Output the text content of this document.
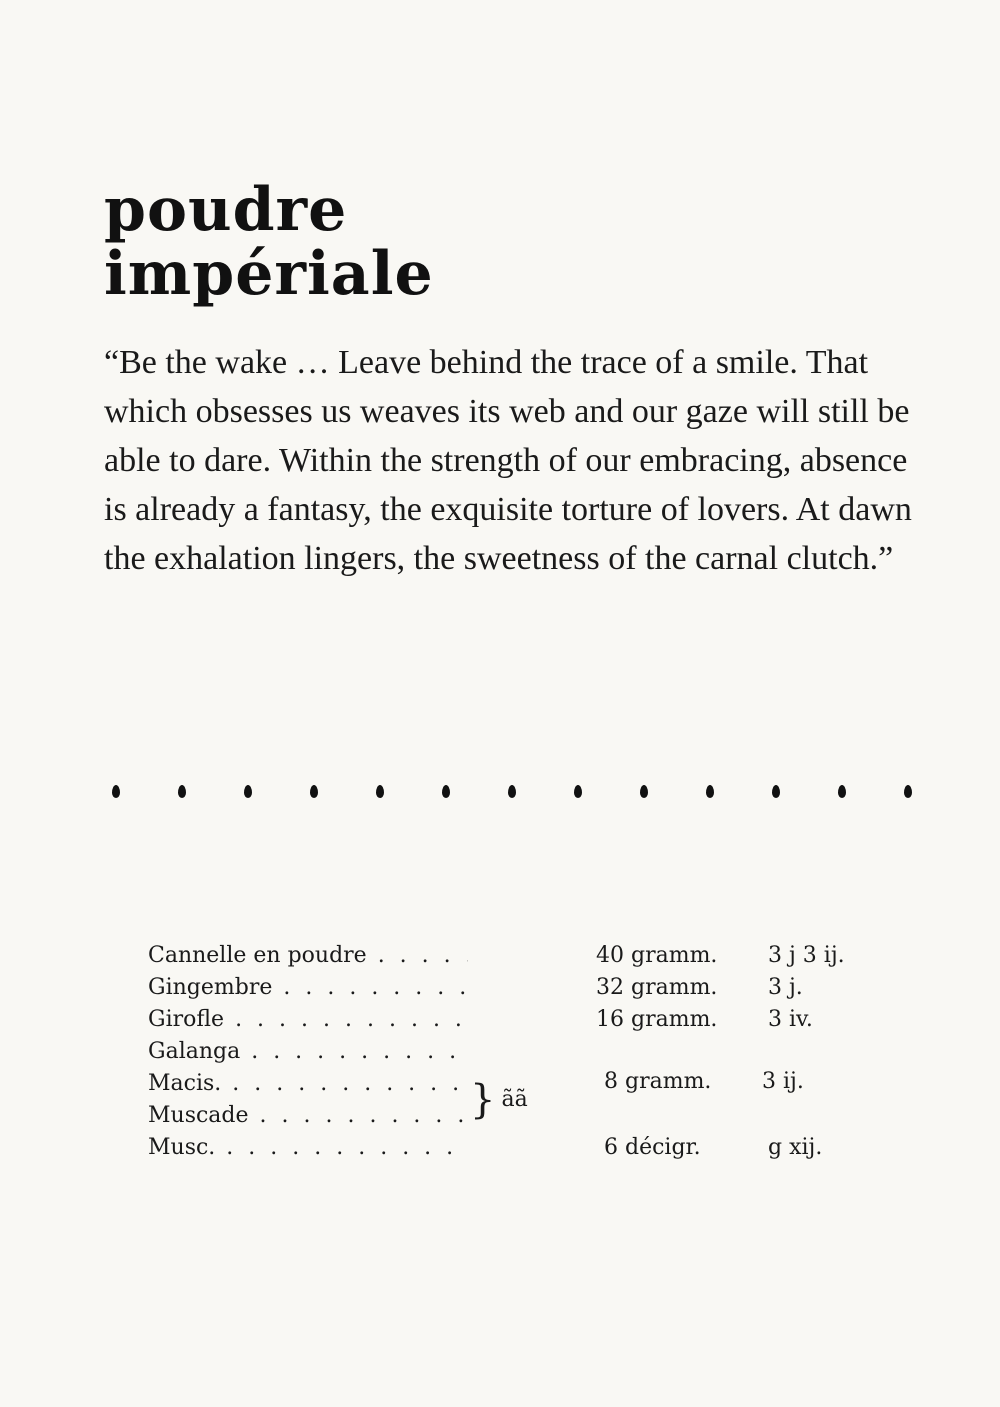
poudre
impériale

“Be the wake … Leave behind the trace of a smile. That which obsesses us weaves its web and our gaze will still be able to dare. Within the strength of our embracing, absence is already a fantasy, the exquisite torture of lovers. At dawn the exhalation lingers, the sweetness of the carnal clutch.”

Cannelle en poudre . . .	40 gramm. 3 j 3 ij.
Gingembre . . .	32 gramm. 3 j.
Girofle . . .	16 gramm. 3 iv.
Galanga . . .
Macis. . . .	8 gramm. 3 ij.
Muscade . . .
Musc. . . .	6 décigr.	g xij.
} ãã
